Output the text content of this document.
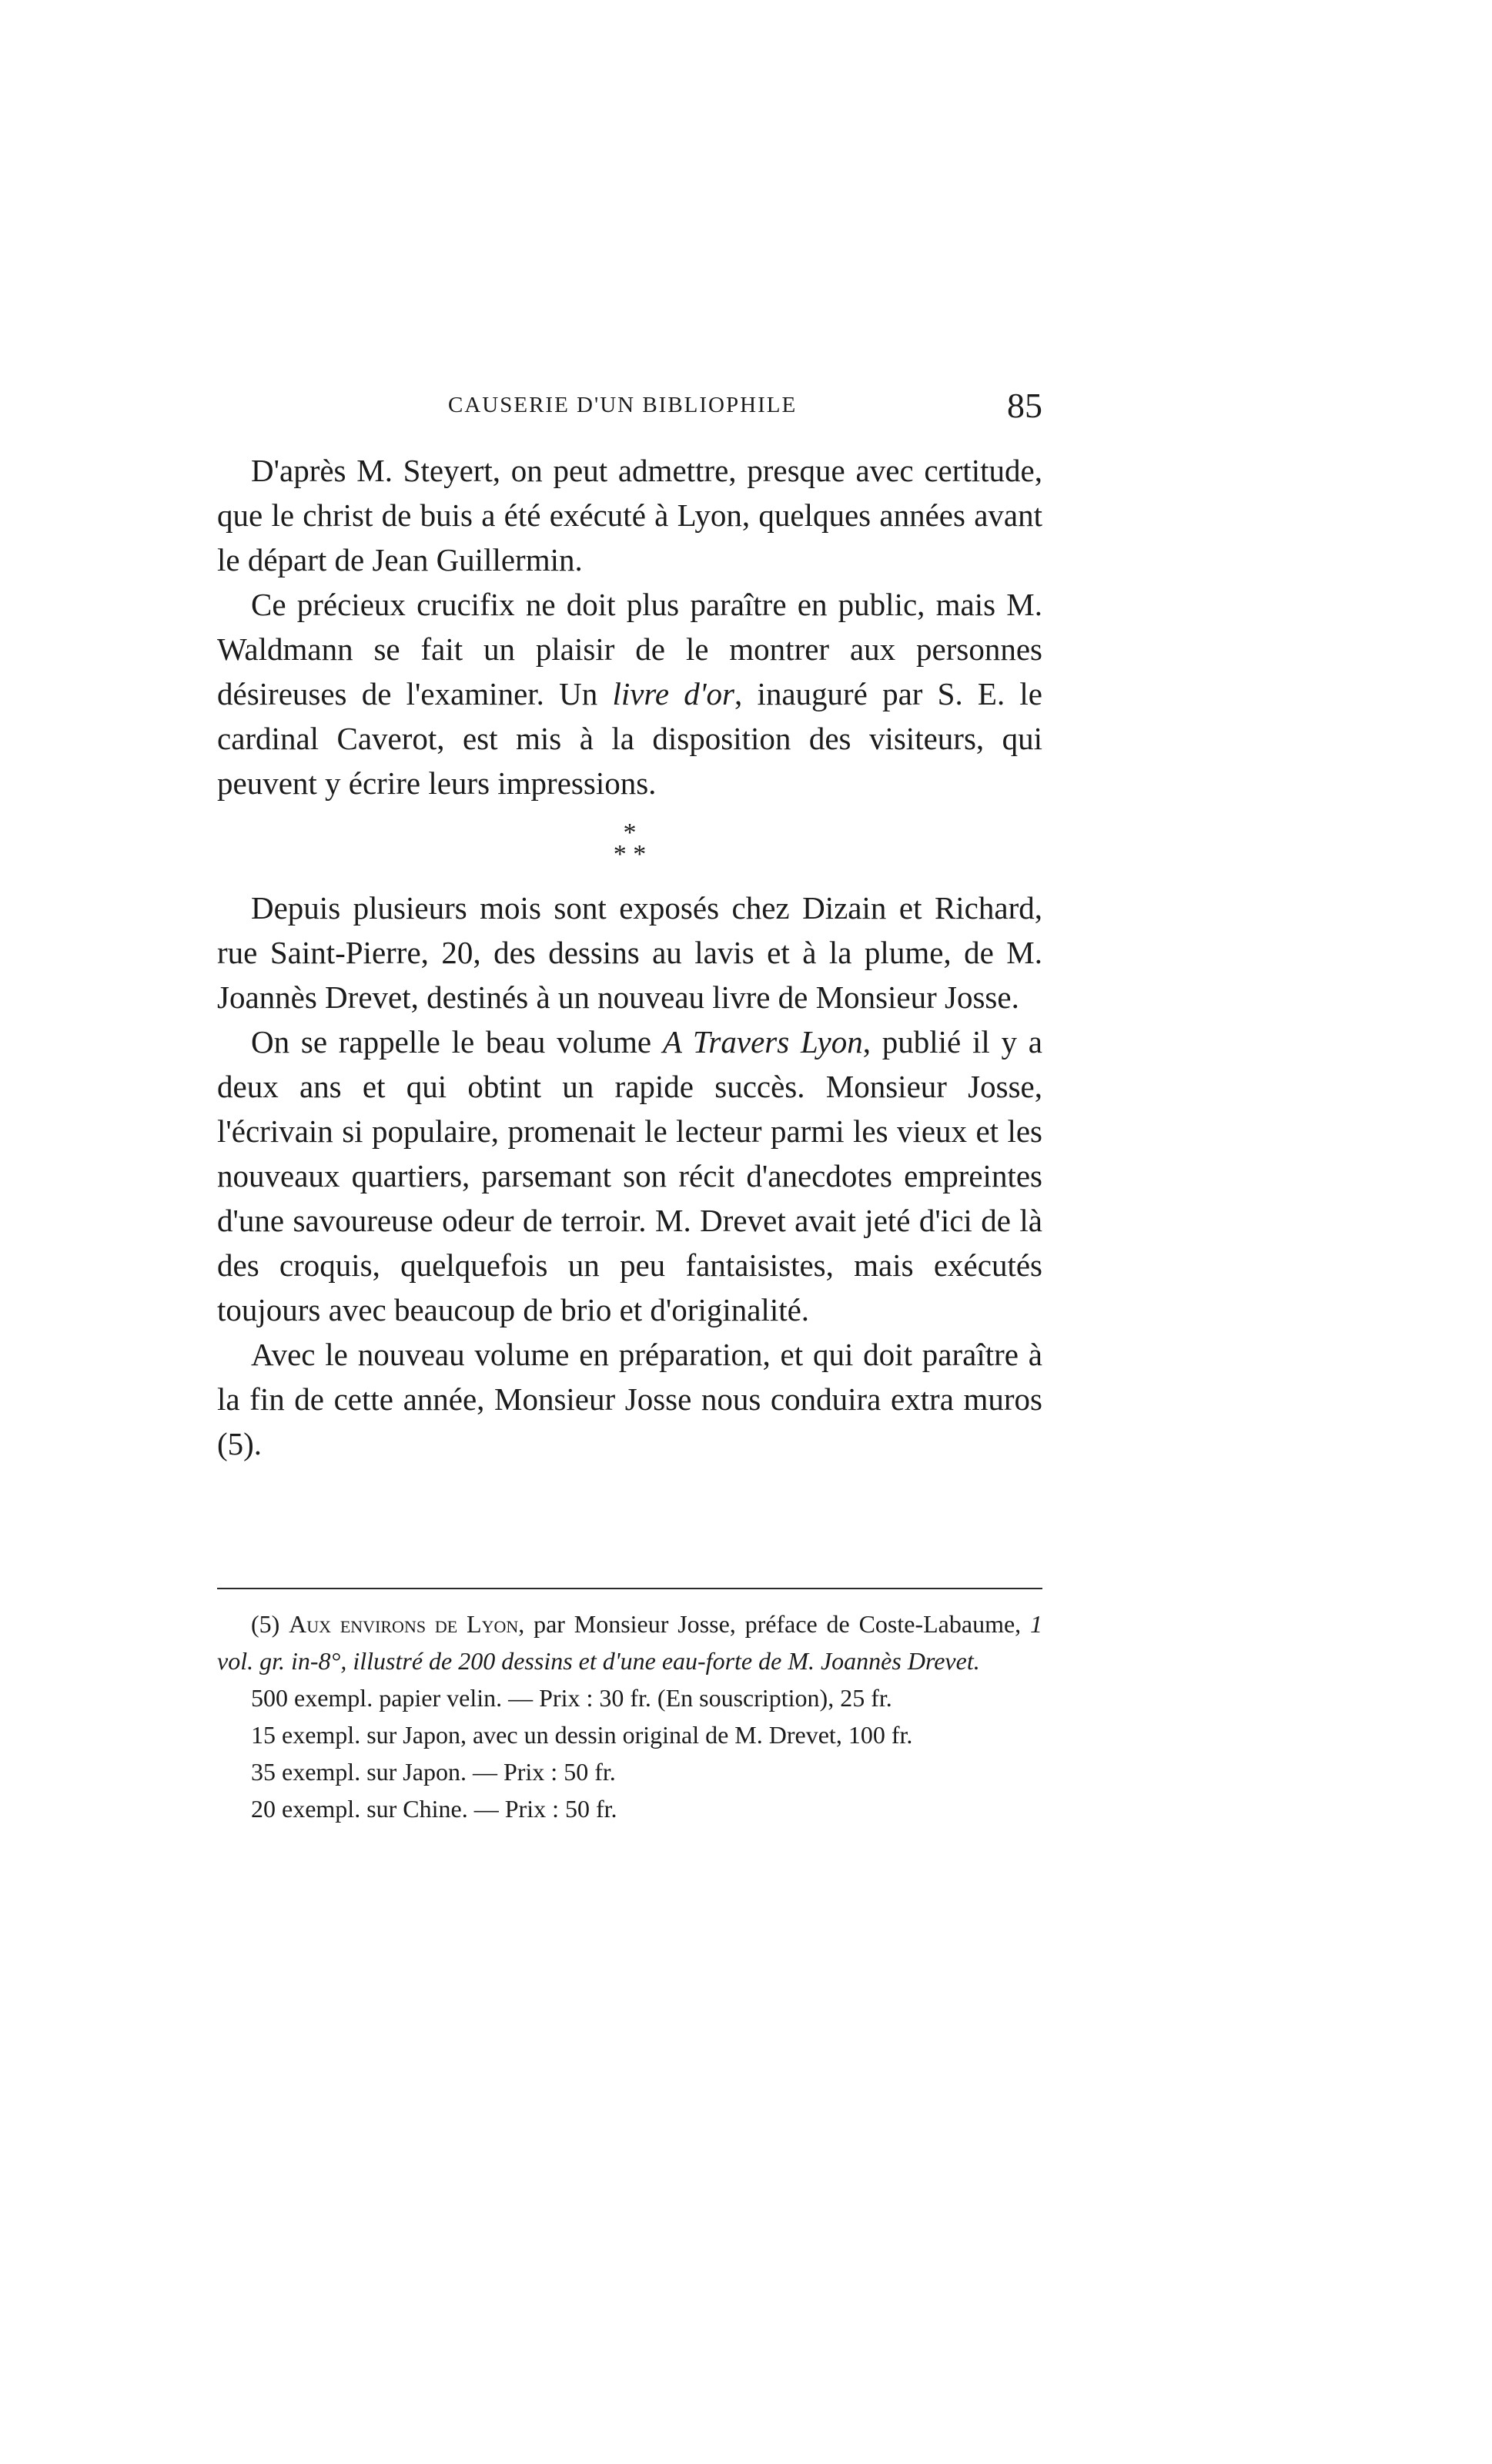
CAUSERIE D'UN BIBLIOPHILE	85

D'après M. Steyert, on peut admettre, presque avec certitude, que le christ de buis a été exécuté à Lyon, quelques années avant le départ de Jean Guillermin.

Ce précieux crucifix ne doit plus paraître en public, mais M. Waldmann se fait un plaisir de le montrer aux personnes désireuses de l'examiner. Un livre d'or, inauguré par S. E. le cardinal Caverot, est mis à la disposition des visiteurs, qui peuvent y écrire leurs impressions.

*
* *

Depuis plusieurs mois sont exposés chez Dizain et Richard, rue Saint-Pierre, 20, des dessins au lavis et à la plume, de M. Joannès Drevet, destinés à un nouveau livre de Monsieur Josse.

On se rappelle le beau volume A Travers Lyon, publié il y a deux ans et qui obtint un rapide succès. Monsieur Josse, l'écrivain si populaire, promenait le lecteur parmi les vieux et les nouveaux quartiers, parsemant son récit d'anecdotes empreintes d'une savoureuse odeur de terroir. M. Drevet avait jeté d'ici de là des croquis, quelquefois un peu fantaisistes, mais exécutés toujours avec beaucoup de brio et d'originalité.

Avec le nouveau volume en préparation, et qui doit paraître à la fin de cette année, Monsieur Josse nous conduira extra muros (5).

(5) Aux environs de Lyon, par Monsieur Josse, préface de Coste-Labaume, 1 vol. gr. in-8°, illustré de 200 dessins et d'une eau-forte de M. Joannès Drevet.

500 exempl. papier velin. — Prix : 30 fr. (En souscription), 25 fr.

15 exempl. sur Japon, avec un dessin original de M. Drevet, 100 fr.

35 exempl. sur Japon. — Prix : 50 fr.

20 exempl. sur Chine. — Prix : 50 fr.
